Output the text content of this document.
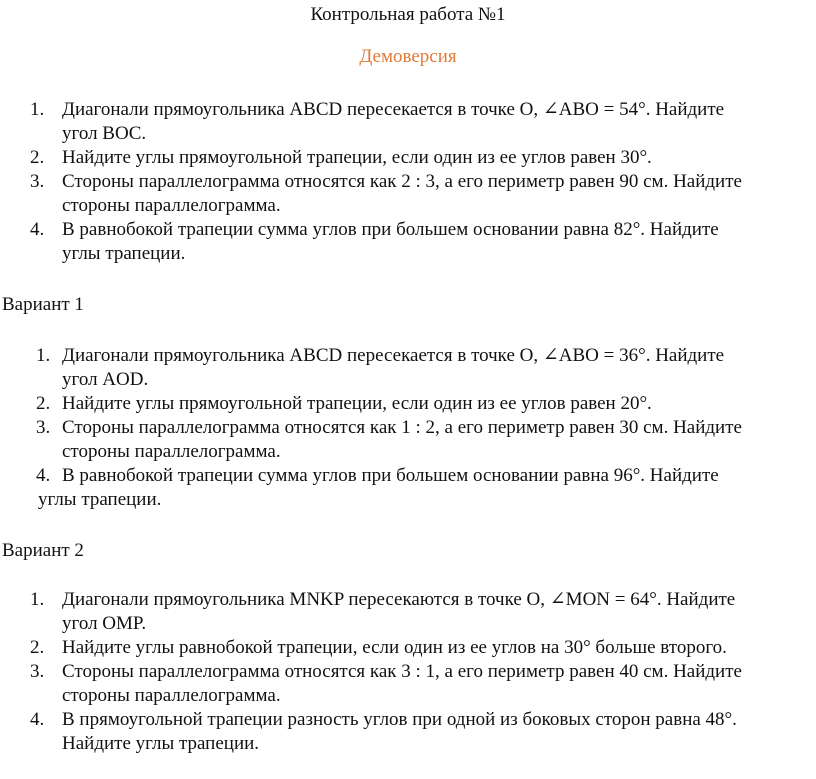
Контрольная работа №1
Демоверсия
1. Диагонали прямоугольника ABCD пересекается в точке O, ∠ABO = 54°. Найдите
угол BOC.
2. Найдите углы прямоугольной трапеции, если один из ее углов равен 30°.
3. Стороны параллелограмма относятся как 2 : 3, а его периметр равен 90 см. Найдите
стороны параллелограмма.
4. В равнобокой трапеции сумма углов при большем основании равна 82°. Найдите
углы трапеции.
Вариант 1
1. Диагонали прямоугольника ABCD пересекается в точке O, ∠ABO = 36°. Найдите
угол AOD.
2. Найдите углы прямоугольной трапеции, если один из ее углов равен 20°.
3. Стороны параллелограмма относятся как 1 : 2, а его периметр равен 30 см. Найдите
стороны параллелограмма.
4. В равнобокой трапеции сумма углов при большем основании равна 96°. Найдите
углы трапеции.
Вариант 2
1. Диагонали прямоугольника MNKP пересекаются в точке O, ∠MON = 64°. Найдите
угол OMP.
2. Найдите углы равнобокой трапеции, если один из ее углов на 30° больше второго.
3. Стороны параллелограмма относятся как 3 : 1, а его периметр равен 40 см. Найдите
стороны параллелограмма.
4. В прямоугольной трапеции разность углов при одной из боковых сторон равна 48°.
Найдите углы трапеции.
